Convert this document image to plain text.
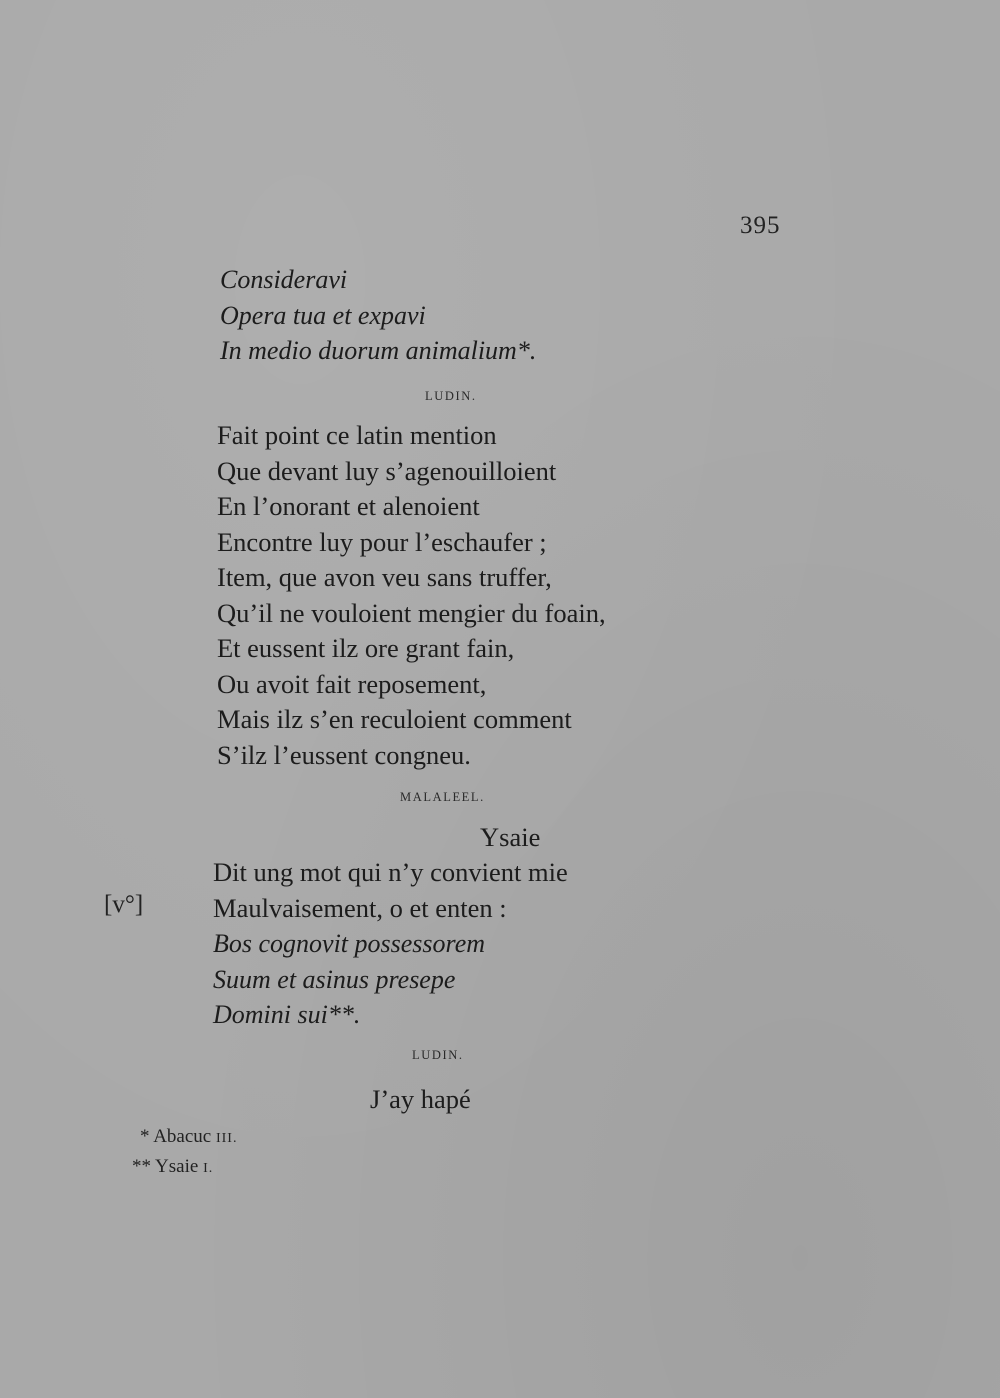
395
Consideravi
Opera tua et expavi
In medio duorum animalium*.
LUDIN.
Fait point ce latin mention
Que devant luy s’agenouilloient
En l’onorant et alenoient
Encontre luy pour l’eschaufer ;
Item, que avon veu sans truffer,
Qu’il ne vouloient mengier du foain,
Et eussent ilz ore grant fain,
Ou avoit fait reposement,
Mais ilz s’en reculoient comment
S’ilz l’eussent congneu.
MALALEEL.
Ysaie
Dit ung mot qui n’y convient mie
Maulvaisement, o et enten :
[v°]
Bos cognovit possessorem
Suum et asinus presepe
Domini sui**.
LUDIN.
J’ay hapé
* Abacuc III.
** Ysaie I.
